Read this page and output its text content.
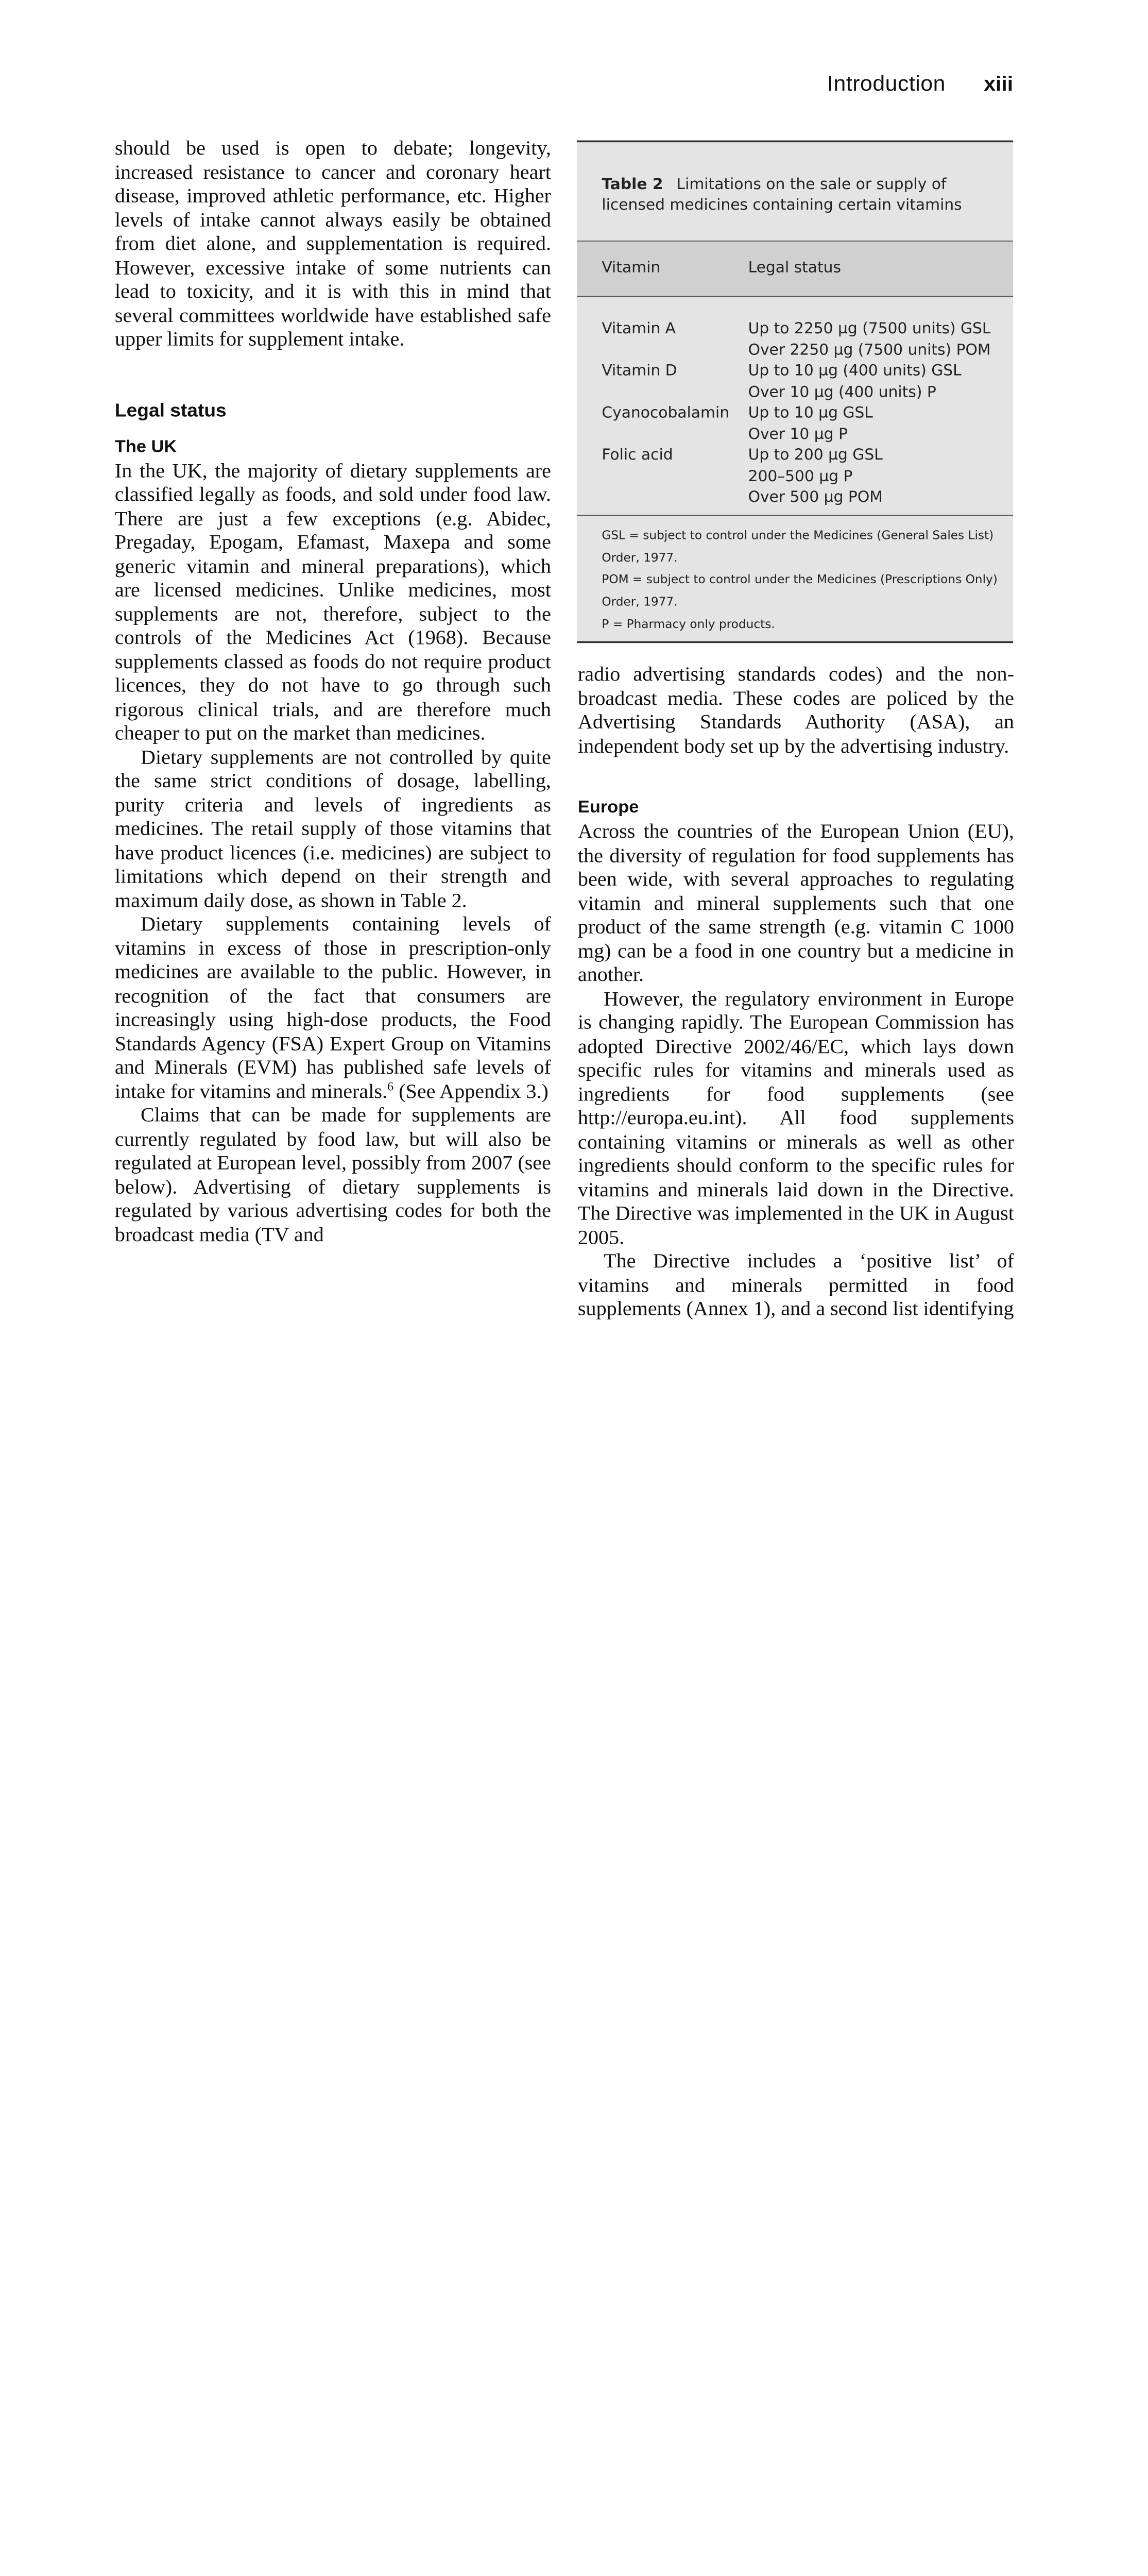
Introduction	xiii

should be used is open to debate; longevity, increased resistance to cancer and coronary heart disease, improved athletic performance, etc. Higher levels of intake cannot always easily be obtained from diet alone, and supplementation is required. However, excessive intake of some nutrients can lead to toxicity, and it is with this in mind that several committees worldwide have established safe upper limits for supplement intake.

Legal status
The UK

In the UK, the majority of dietary supplements are classified legally as foods, and sold under food law. There are just a few exceptions (e.g. Abidec, Pregaday, Epogam, Efamast, Maxepa and some generic vitamin and mineral preparations), which are licensed medicines. Unlike medicines, most supplements are not, therefore, subject to the controls of the Medicines Act (1968). Because supplements classed as foods do not require product licences, they do not have to go through such rigorous clinical trials, and are therefore much cheaper to put on the market than medicines.

Dietary supplements are not controlled by quite the same strict conditions of dosage, labelling, purity criteria and levels of ingredients as medicines. The retail supply of those vitamins that have product licences (i.e. medicines) are subject to limitations which depend on their strength and maximum daily dose, as shown in Table 2.

Dietary supplements containing levels of vitamins in excess of those in prescription-only medicines are available to the public. However, in recognition of the fact that consumers are increasingly using high-dose products, the Food Standards Agency (FSA) Expert Group on Vitamins and Minerals (EVM) has published safe levels of intake for vitamins and minerals.$^6$ (See Appendix 3.)

Claims that can be made for supplements are currently regulated by food law, but will also be regulated at European level, possibly from 2007 (see below). Advertising of dietary supplements is regulated by various advertising codes for both the broadcast media (TV and

Table 2 Limitations on the sale or supply of licensed medicines containing certain vitamins
Vitamin	Legal status
Vitamin A	Up to 2250 µg (7500 units) GSL
Over 2250 µg (7500 units) POM
Vitamin D	Up to 10 µg (400 units) GSL
Over 10 µg (400 units) P
Cyanocobalamin	Up to 10 µg GSL
Over 10 µg P
Folic acid	Up to 200 µg GSL
200–500 µg P
Over 500 µg POM
GSL = subject to control under the Medicines (General Sales List) Order, 1977.
POM = subject to control under the Medicines (Prescriptions Only) Order, 1977.
P = Pharmacy only products.

radio advertising standards codes) and the non-broadcast media. These codes are policed by the Advertising Standards Authority (ASA), an independent body set up by the advertising industry.

Europe

Across the countries of the European Union (EU), the diversity of regulation for food supplements has been wide, with several approaches to regulating vitamin and mineral supplements such that one product of the same strength (e.g. vitamin C 1000 mg) can be a food in one country but a medicine in another.

However, the regulatory environment in Europe is changing rapidly. The European Commission has adopted Directive 2002/46/EC, which lays down specific rules for vitamins and minerals used as ingredients for food supplements (see http://europa.eu.int). All food supplements containing vitamins or minerals as well as other ingredients should conform to the specific rules for vitamins and minerals laid down in the Directive. The Directive was implemented in the UK in August 2005.

The Directive includes a ‘positive list’ of vitamins and minerals permitted in food supplements (Annex 1), and a second list identifying
